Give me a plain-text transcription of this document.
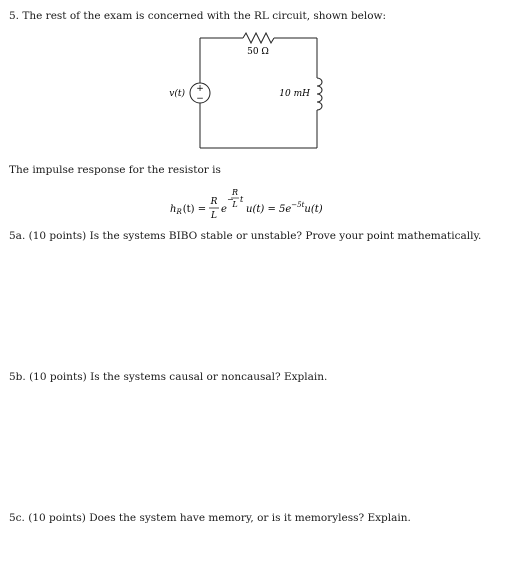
5. The rest of the exam is concerned with the RL circuit, shown below:
+
−
v(t)
50 Ω
10 mH
The impulse response for the resistor is
$h_R(t)$ =
R
L
e
−
R
L
t
$u(t) = 5e^{-5t}u(t)$
5a. (10 points) Is the systems BIBO stable or unstable? Prove your point mathematically.
5b. (10 points) Is the systems causal or noncausal? Explain.
5c. (10 points) Does the system have memory, or is it memoryless? Explain.
